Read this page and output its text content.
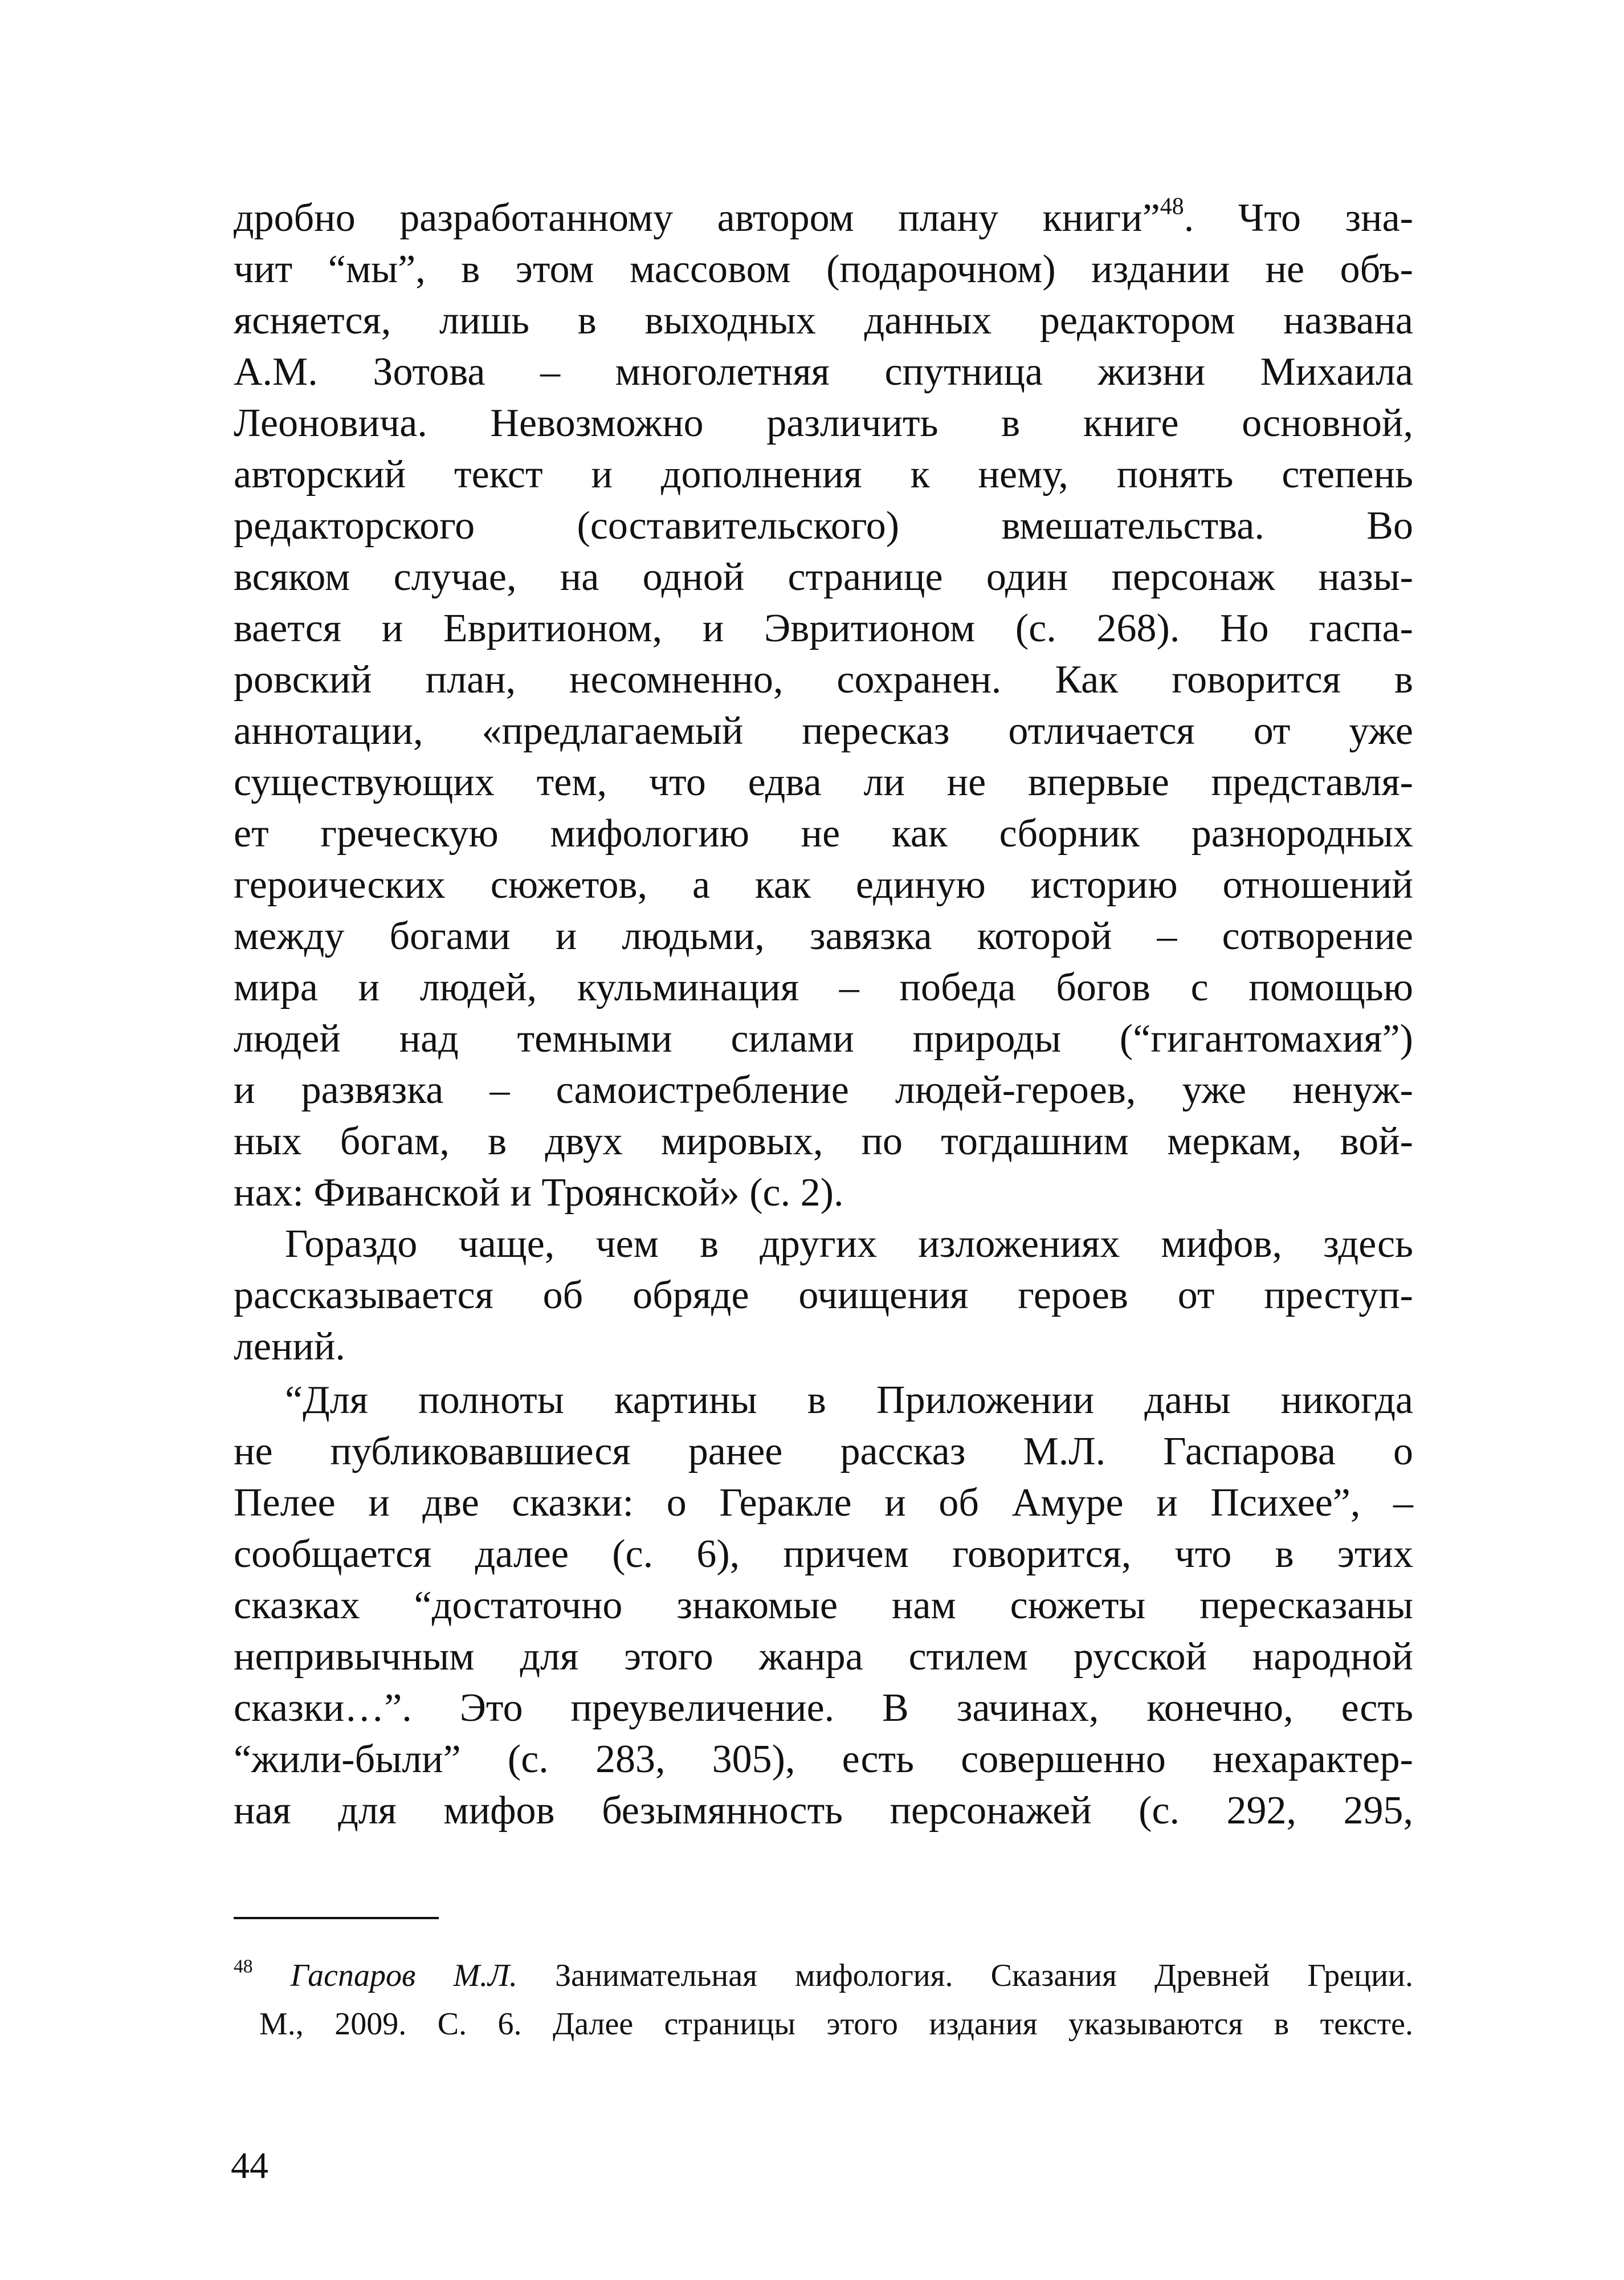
дробно разработанному автором плану книги”$^{48}$. Что зна-
чит “мы”, в этом массовом (подарочном) издании не объ-
ясняется, лишь в выходных данных редактором названа
А.М. Зотова – многолетняя спутница жизни Михаила
Леоновича. Невозможно различить в книге основной,
авторский текст и дополнения к нему, понять степень
редакторского (составительского) вмешательства. Во
всяком случае, на одной странице один персонаж назы-
вается и Евритионом, и Эвритионом (с. 268). Но гаспа-
ровский план, несомненно, сохранен. Как говорится в
аннотации, «предлагаемый пересказ отличается от уже
существующих тем, что едва ли не впервые представля-
ет греческую мифологию не как сборник разнородных
героических сюжетов, а как единую историю отношений
между богами и людьми, завязка которой – сотворение
мира и людей, кульминация – победа богов с помощью
людей над темными силами природы (“гигантомахия”)
и развязка – самоистребление людей-героев, уже ненуж-
ных богам, в двух мировых, по тогдашним меркам, вой-
нах: Фиванской и Троянской» (с. 2).
Гораздо чаще, чем в других изложениях мифов, здесь
рассказывается об обряде очищения героев от преступ-
лений.
“Для полноты картины в Приложении даны никогда
не публиковавшиеся ранее рассказ М.Л. Гаспарова о
Пелее и две сказки: о Геракле и об Амуре и Психее”, –
сообщается далее (с. 6), причем говорится, что в этих
сказках “достаточно знакомые нам сюжеты пересказаны
непривычным для этого жанра стилем русской народной
сказки…”. Это преувеличение. В зачинах, конечно, есть
“жили-были” (с. 283, 305), есть совершенно нехарактер-
ная для мифов безымянность персонажей (с. 292, 295,
$^{48}$ Гаспаров М.Л. Занимательная мифология. Сказания Древней Греции.
М., 2009. С. 6. Далее страницы этого издания указываются в тексте.
44
